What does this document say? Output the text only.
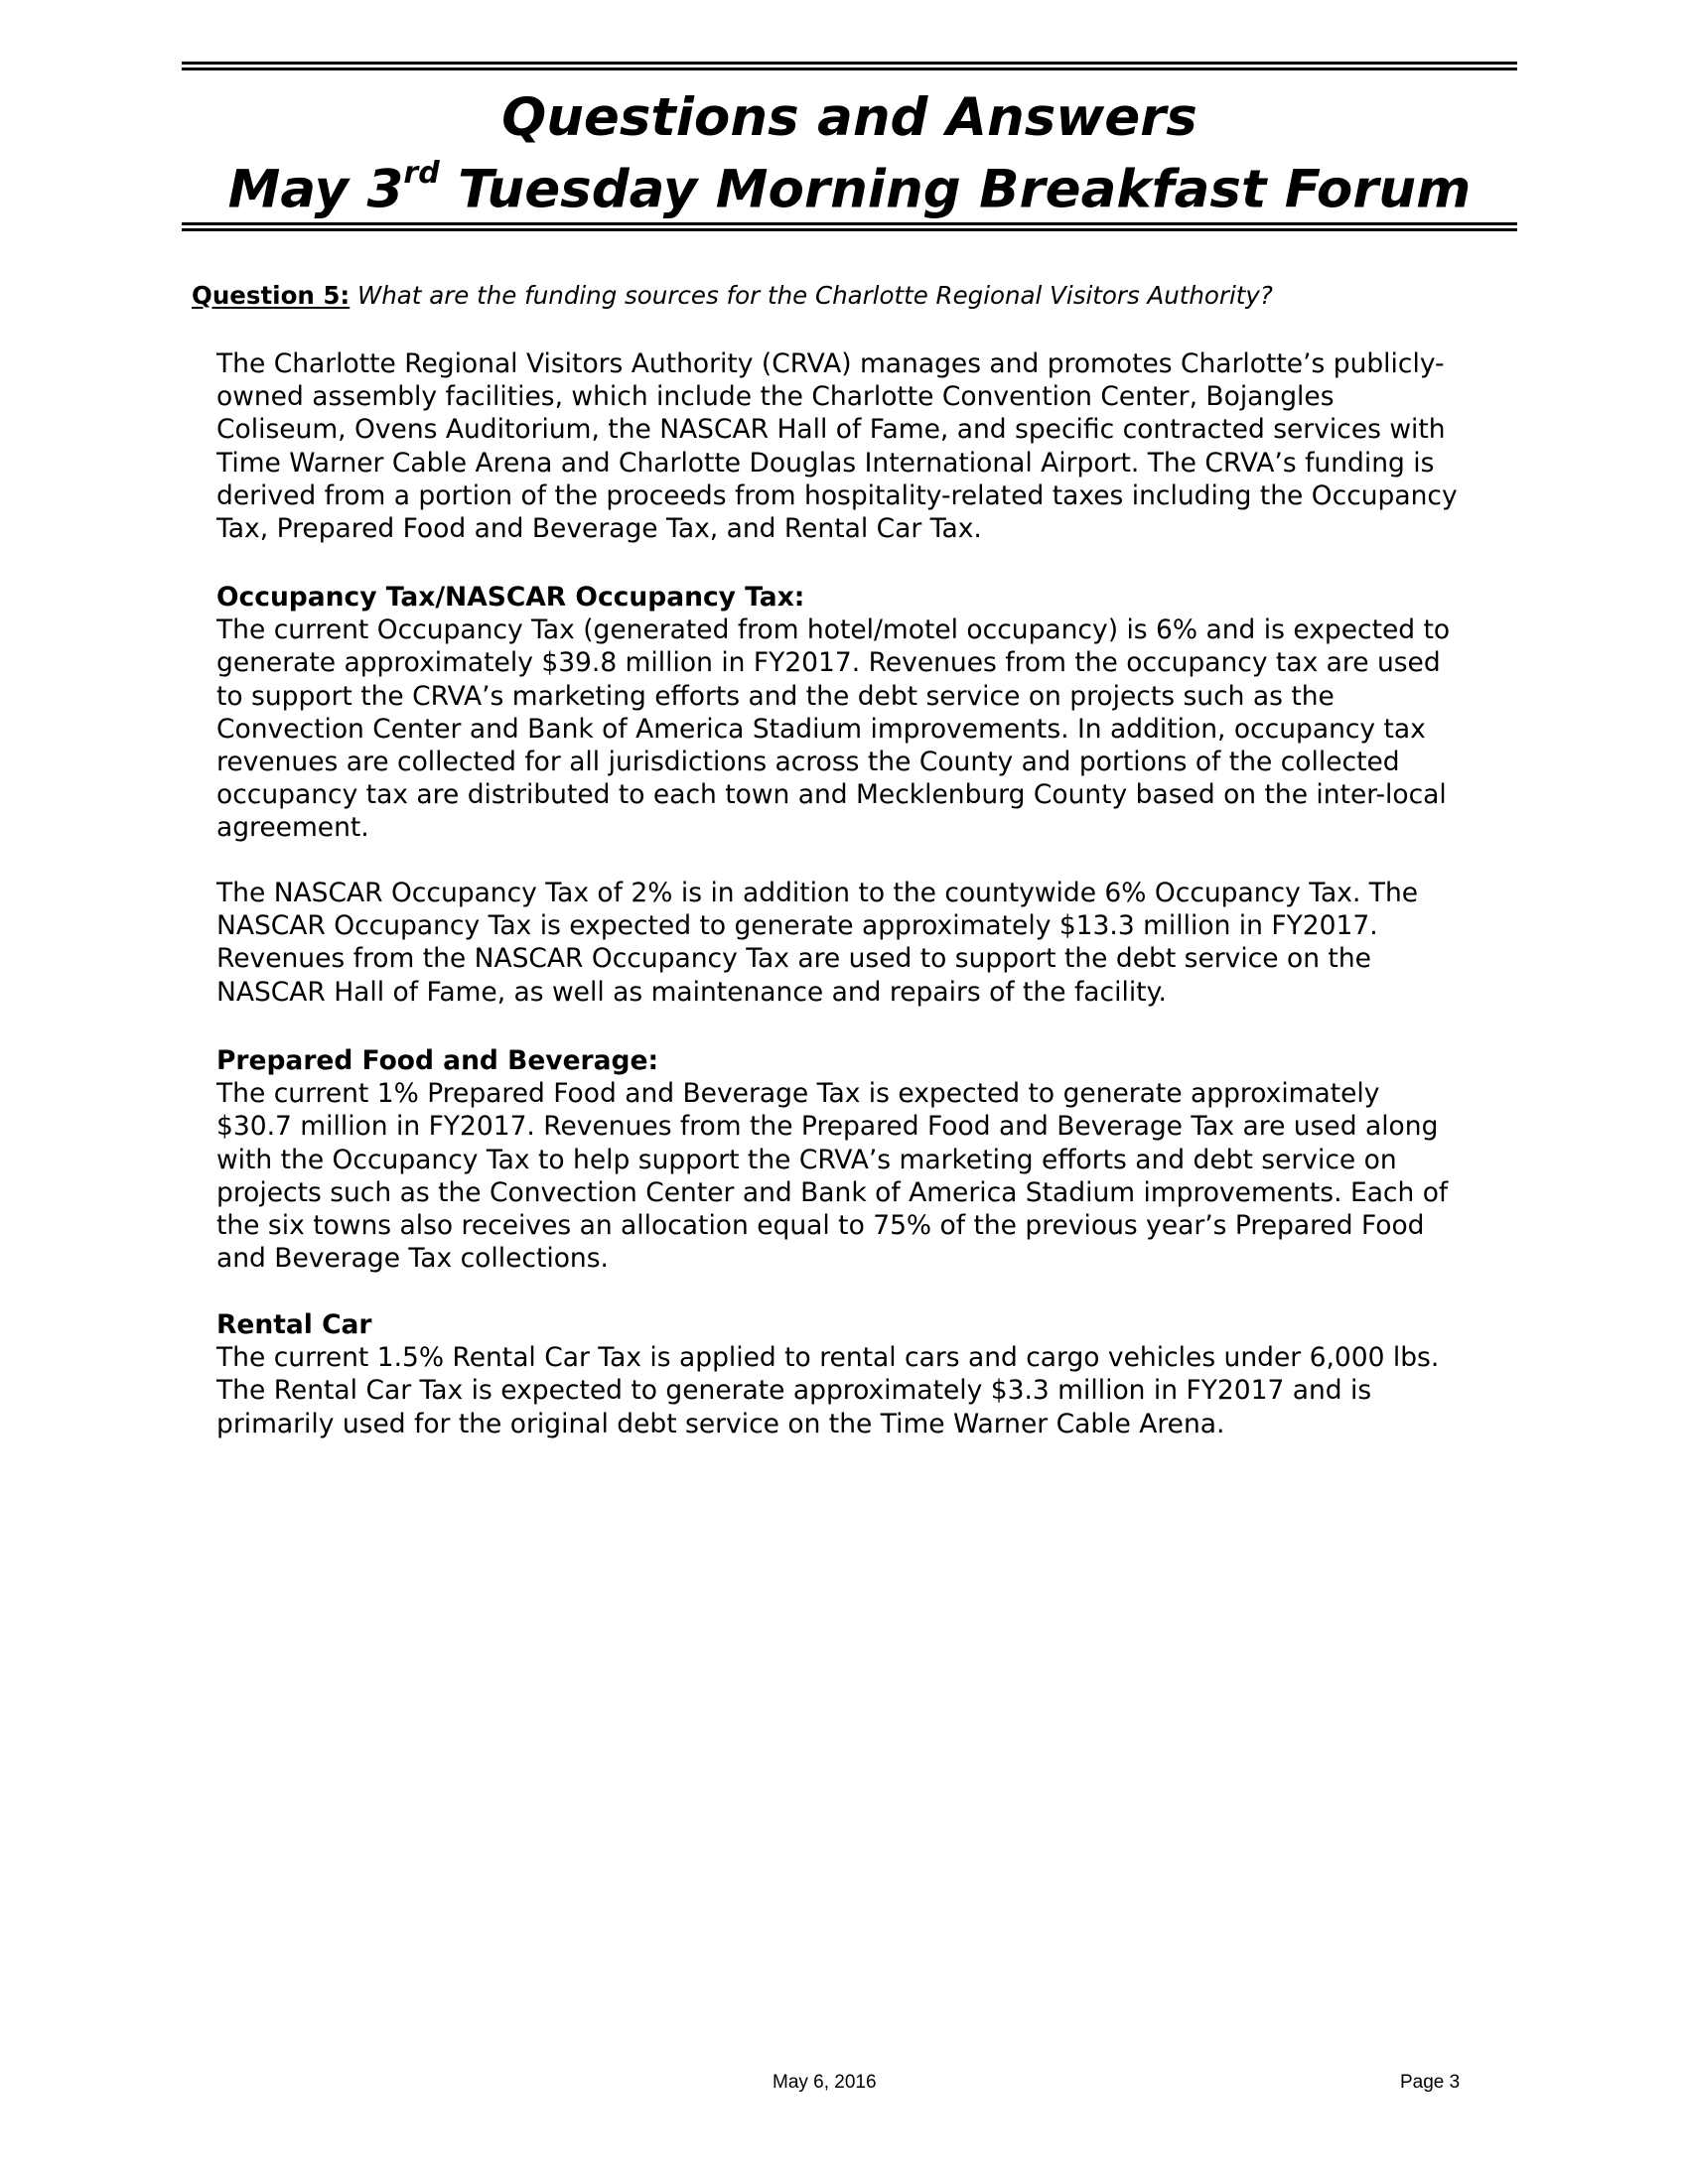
Questions and Answers
May 3rd Tuesday Morning Breakfast Forum
Question 5: What are the funding sources for the Charlotte Regional Visitors Authority?
The Charlotte Regional Visitors Authority (CRVA) manages and promotes Charlotte’s publicly-
owned assembly facilities, which include the Charlotte Convention Center, Bojangles
Coliseum, Ovens Auditorium, the NASCAR Hall of Fame, and specific contracted services with
Time Warner Cable Arena and Charlotte Douglas International Airport. The CRVA’s funding is
derived from a portion of the proceeds from hospitality-related taxes including the Occupancy
Tax, Prepared Food and Beverage Tax, and Rental Car Tax.
Occupancy Tax/NASCAR Occupancy Tax:
The current Occupancy Tax (generated from hotel/motel occupancy) is 6% and is expected to
generate approximately $39.8 million in FY2017. Revenues from the occupancy tax are used
to support the CRVA’s marketing efforts and the debt service on projects such as the
Convection Center and Bank of America Stadium improvements. In addition, occupancy tax
revenues are collected for all jurisdictions across the County and portions of the collected
occupancy tax are distributed to each town and Mecklenburg County based on the inter-local
agreement.
The NASCAR Occupancy Tax of 2% is in addition to the countywide 6% Occupancy Tax. The
NASCAR Occupancy Tax is expected to generate approximately $13.3 million in FY2017.
Revenues from the NASCAR Occupancy Tax are used to support the debt service on the
NASCAR Hall of Fame, as well as maintenance and repairs of the facility.
Prepared Food and Beverage:
The current 1% Prepared Food and Beverage Tax is expected to generate approximately
$30.7 million in FY2017. Revenues from the Prepared Food and Beverage Tax are used along
with the Occupancy Tax to help support the CRVA’s marketing efforts and debt service on
projects such as the Convection Center and Bank of America Stadium improvements. Each of
the six towns also receives an allocation equal to 75% of the previous year’s Prepared Food
and Beverage Tax collections.
Rental Car
The current 1.5% Rental Car Tax is applied to rental cars and cargo vehicles under 6,000 lbs.
The Rental Car Tax is expected to generate approximately $3.3 million in FY2017 and is
primarily used for the original debt service on the Time Warner Cable Arena.
May 6, 2016	Page 3
